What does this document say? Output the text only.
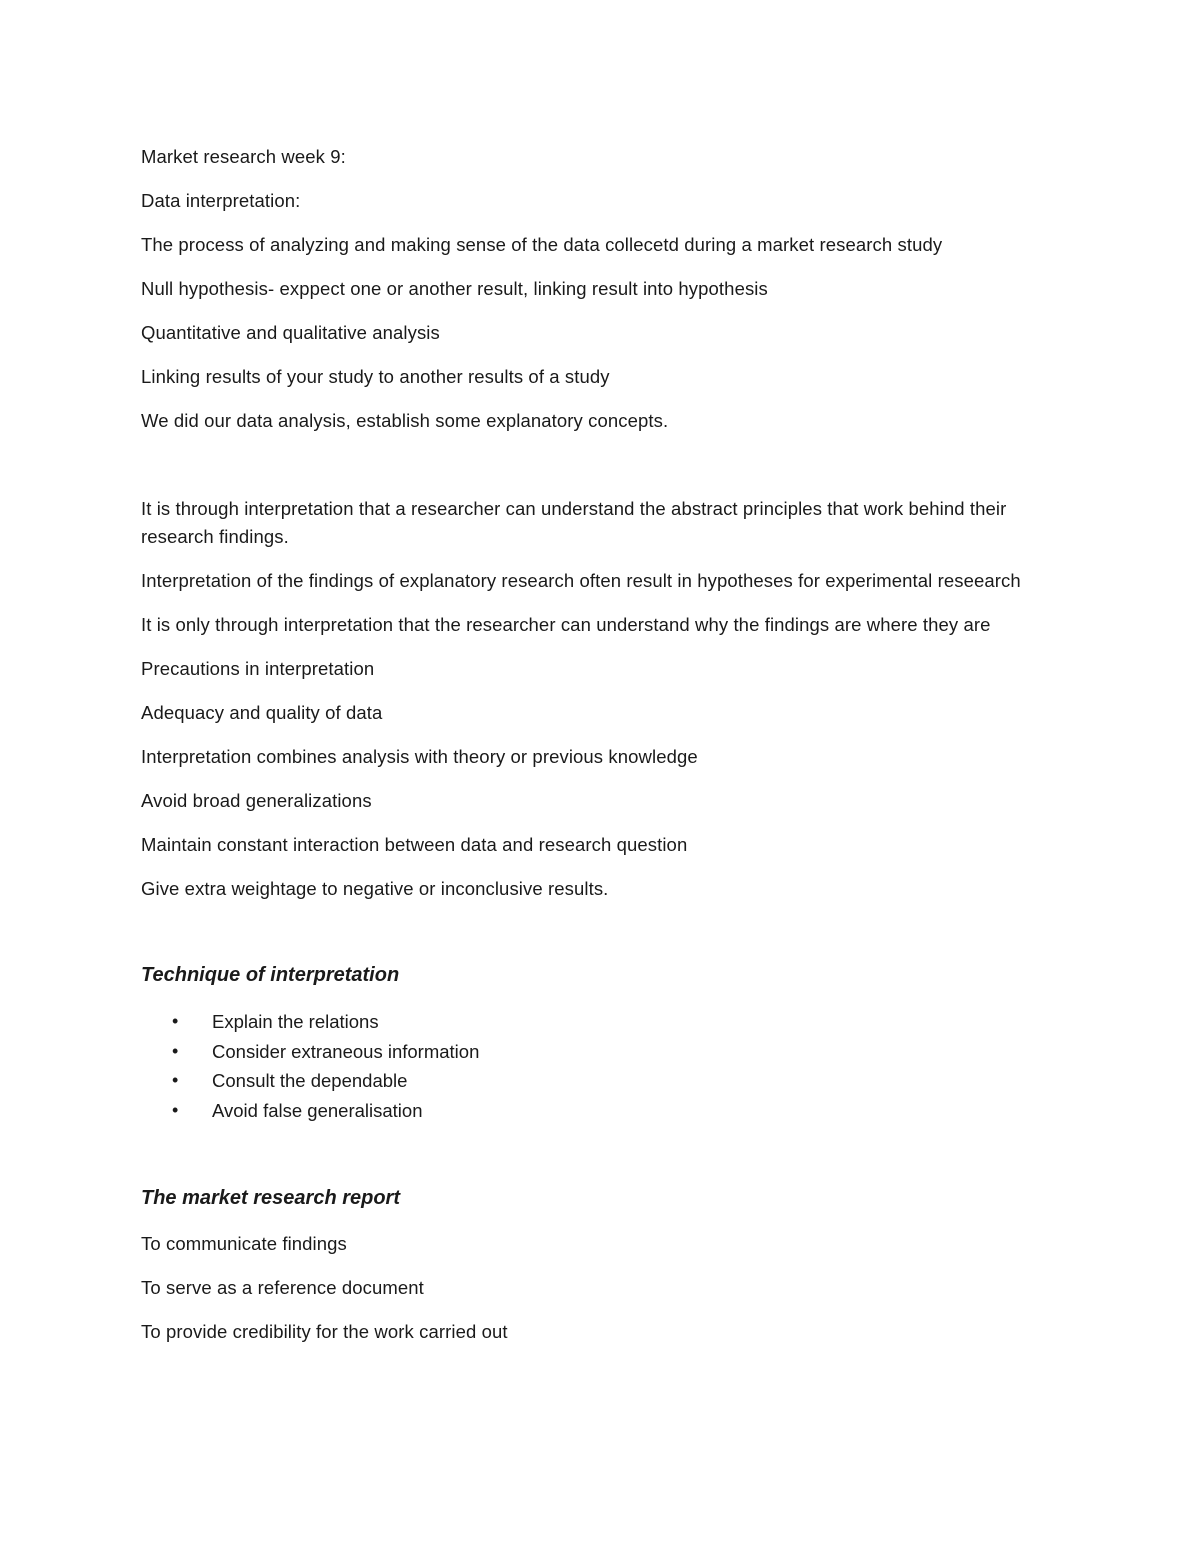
Market research week 9:

Data interpretation:

The process of analyzing and making sense of the data collecetd during a market research study

Null hypothesis- exppect one or another result, linking result into hypothesis

Quantitative and qualitative analysis

Linking results of your study to another results of a study

We did our data analysis, establish some explanatory concepts.

It is through interpretation that a researcher can understand the abstract principles that work behind their research findings.

Interpretation of the findings of explanatory research often result in hypotheses for experimental reseearch

It is only through interpretation that the researcher can understand why the findings are where they are

Precautions in interpretation

Adequacy and quality of data

Interpretation combines analysis with theory or previous knowledge

Avoid broad generalizations

Maintain constant interaction between data and research question

Give extra weightage to negative or inconclusive results.

Technique of interpretation
• Explain the relations
• Consider extraneous information
• Consult the dependable
• Avoid false generalisation
The market research report

To communicate findings

To serve as a reference document

To provide credibility for the work carried out
